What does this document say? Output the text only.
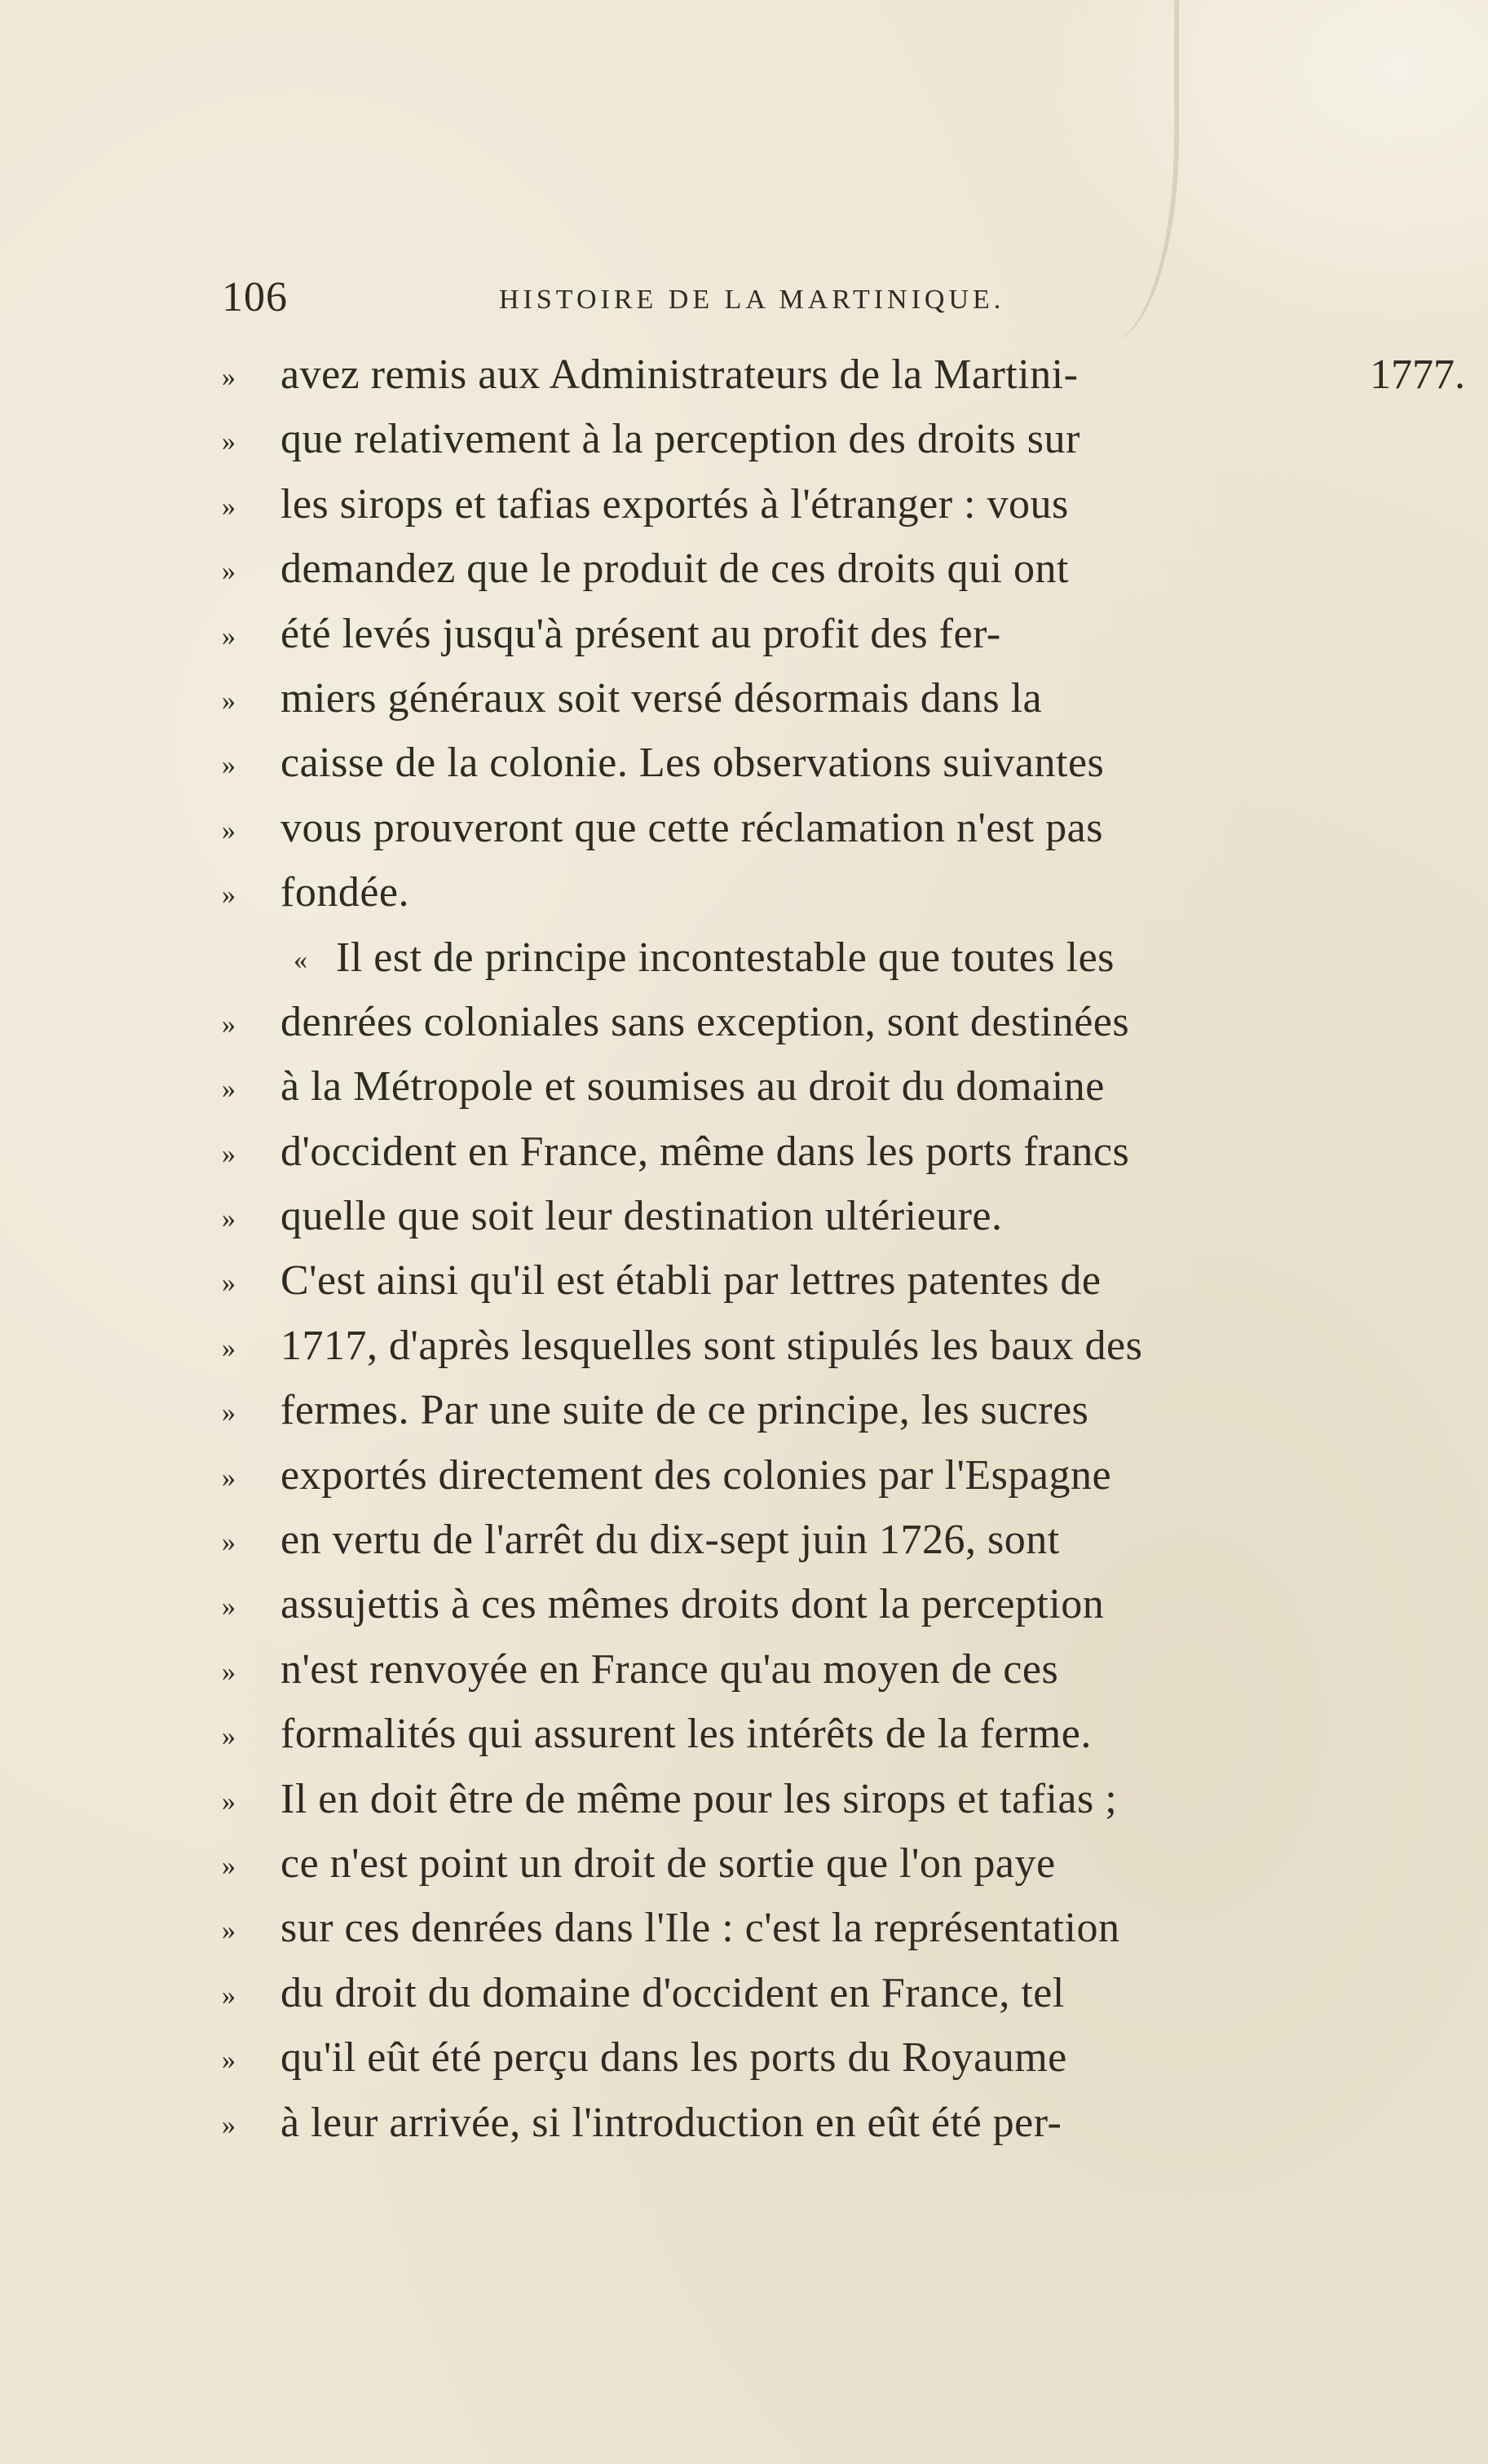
106	HISTOIRE DE LA MARTINIQUE.
1777.
»	avez remis aux Administrateurs de la Martini-
»	que relativement à la perception des droits sur
»	les sirops et tafias exportés à l'étranger : vous
»	demandez que le produit de ces droits qui ont
»	été levés jusqu'à présent au profit des fer-
»	miers généraux soit versé désormais dans la
»	caisse de la colonie. Les observations suivantes
»	vous prouveront que cette réclamation n'est pas
»	fondée.
« Il est de principe incontestable que toutes les
»	denrées coloniales sans exception, sont destinées
»	à la Métropole et soumises au droit du domaine
»	d'occident en France, même dans les ports francs
»	quelle que soit leur destination ultérieure.
»	C'est ainsi qu'il est établi par lettres patentes de
»	1717, d'après lesquelles sont stipulés les baux des
»	fermes. Par une suite de ce principe, les sucres
»	exportés directement des colonies par l'Espagne
»	en vertu de l'arrêt du dix-sept juin 1726, sont
»	assujettis à ces mêmes droits dont la perception
»	n'est renvoyée en France qu'au moyen de ces
»	formalités qui assurent les intérêts de la ferme.
»	Il en doit être de même pour les sirops et tafias ;
»	ce n'est point un droit de sortie que l'on paye
»	sur ces denrées dans l'Ile : c'est la représentation
»	du droit du domaine d'occident en France, tel
»	qu'il eût été perçu dans les ports du Royaume
»	à leur arrivée, si l'introduction en eût été per-
